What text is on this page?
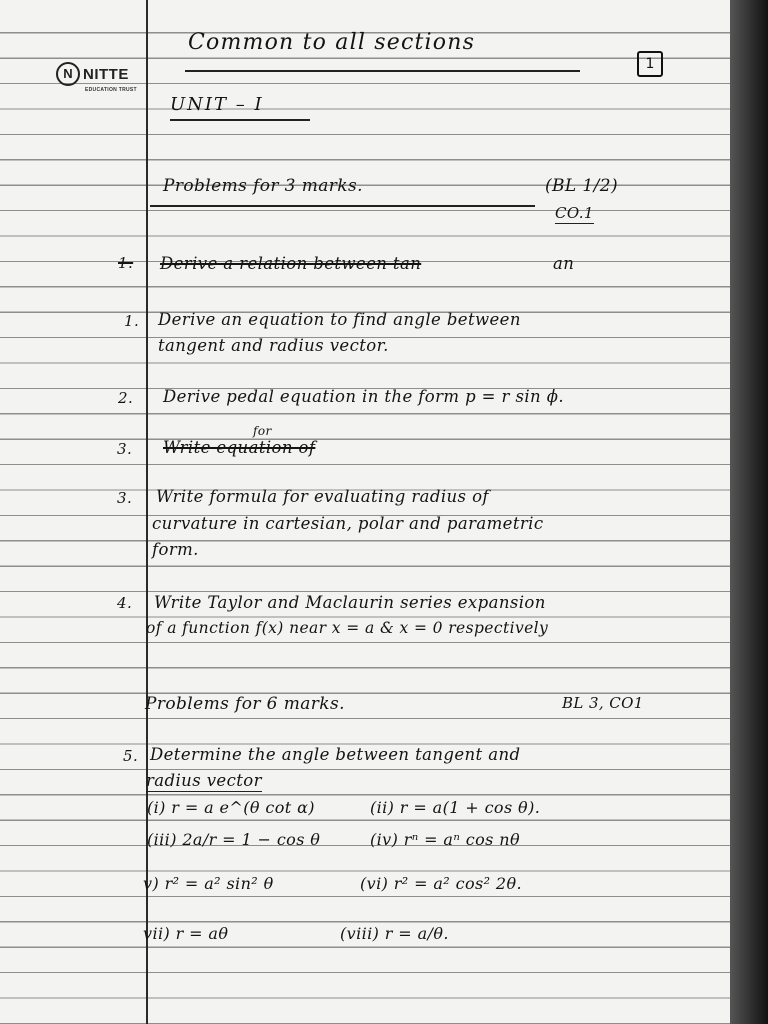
N NITTE
EDUCATION TRUST
Common to all sections
1
UNIT – I
Problems for 3 marks.	(BL 1/2)
CO.1
1. Derive a relation between tan	an
1. Derive an equation to find angle between
tangent and radius vector.
2. Derive pedal equation in the form p = r sin ϕ.
3.
for
Write equation of
3. Write formula for evaluating radius of
curvature in cartesian, polar and parametric
form.
4. Write Taylor and Maclaurin series expansion
of a function f(x) near x = a & x = 0 respectively
Problems for 6 marks.	BL 3, CO1
5. Determine the angle between tangent and
radius vector
(i) r = a e^(θ cot α)	(ii) r = a(1 + cos θ).
(iii) 2a/r = 1 − cos θ	(iv) rⁿ = aⁿ cos nθ
v) r² = a² sin² θ	(vi) r² = a² cos² 2θ.
vii) r = aθ	(viii) r = a/θ.
